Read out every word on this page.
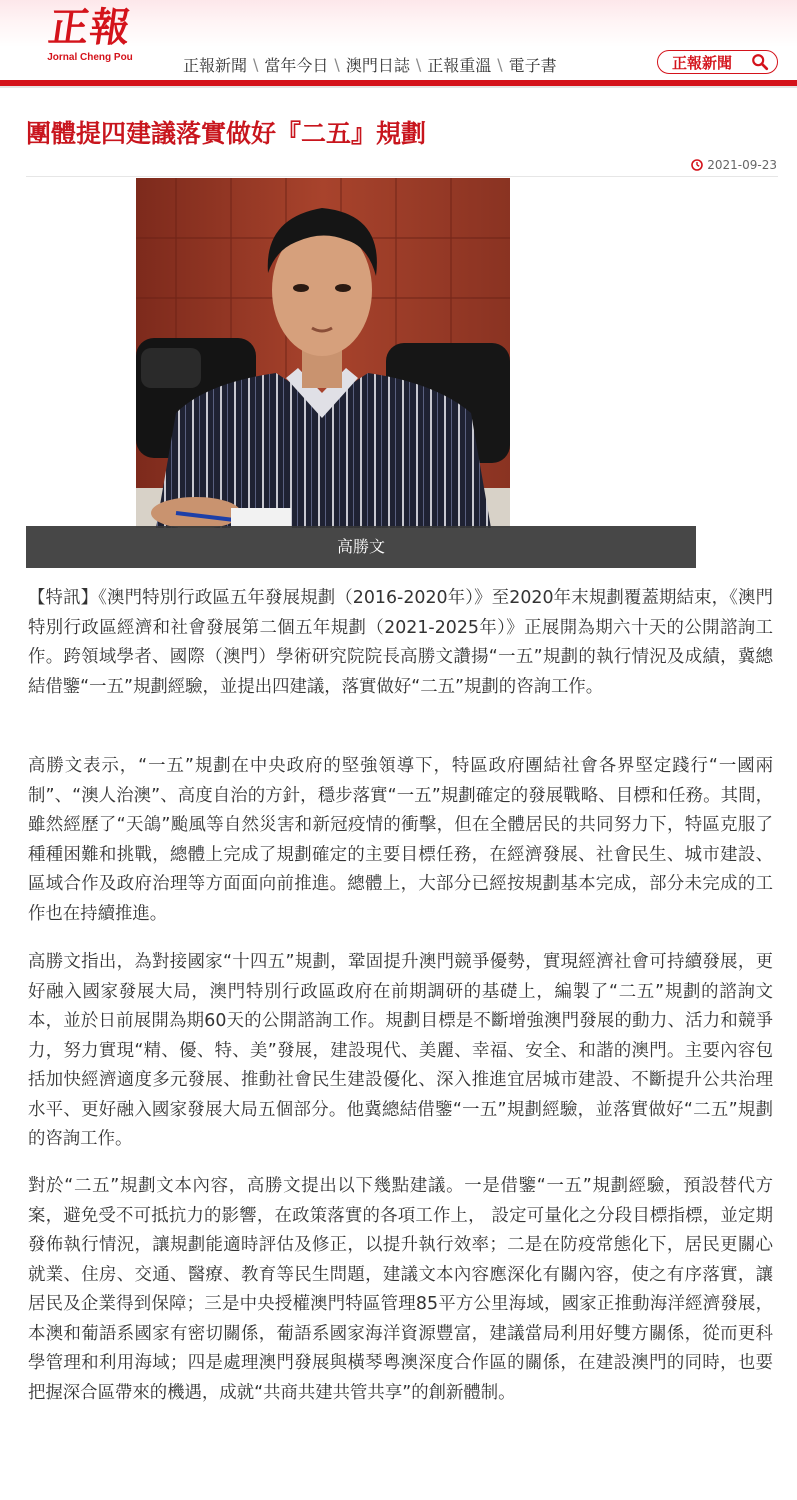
正報
Jornal Cheng Pou	正報新聞 \ 當年今日 \ 澳門日誌 \ 正報重溫 \ 電子書	正報新聞
團體提四建議落實做好『二五』規劃
2021-09-23
高勝文

【特訊】《澳門特別行政區五年發展規劃（2016-2020年）》至2020年末規劃覆蓋期結束，《澳門特別行政區經濟和社會發展第二個五年規劃（2021-2025年）》正展開為期六十天的公開諮詢工作。跨領域學者、國際（澳門）學術研究院院長高勝文讚揚“一五”規劃的執行情況及成績，冀總結借鑒“一五”規劃經驗，並提出四建議，落實做好“二五”規劃的咨詢工作。

高勝文表示，“一五”規劃在中央政府的堅強領導下，特區政府團結社會各界堅定踐行“一國兩制”、“澳人治澳”、高度自治的方針，穩步落實“一五”規劃確定的發展戰略、目標和任務。其間，雖然經歷了“天鴿”颱風等自然災害和新冠疫情的衝擊，但在全體居民的共同努力下，特區克服了種種困難和挑戰，總體上完成了規劃確定的主要目標任務，在經濟發展、社會民生、城市建設、區域合作及政府治理等方面面向前推進。總體上，大部分已經按規劃基本完成，部分未完成的工作也在持續推進。

高勝文指出，為對接國家“十四五”規劃，鞏固提升澳門競爭優勢，實現經濟社會可持續發展，更好融入國家發展大局，澳門特別行政區政府在前期調研的基礎上，編製了“二五”規劃的諮詢文本，並於日前展開為期60天的公開諮詢工作。規劃目標是不斷增強澳門發展的動力、活力和競爭力，努力實現“精、優、特、美”發展，建設現代、美麗、幸福、安全、和諧的澳門。主要內容包括加快經濟適度多元發展、推動社會民生建設優化、深入推進宜居城市建設、不斷提升公共治理水平、更好融入國家發展大局五個部分。他冀總結借鑒“一五”規劃經驗，並落實做好“二五”規劃的咨詢工作。

對於“二五”規劃文本內容，高勝文提出以下幾點建議。一是借鑒“一五”規劃經驗，預設替代方案，避免受不可抵抗力的影響，在政策落實的各項工作上， 設定可量化之分段目標指標，並定期發佈執行情況，讓規劃能適時評估及修正，以提升執行效率；二是在防疫常態化下，居民更關心就業、住房、交通、醫療、教育等民生問題，建議文本內容應深化有關內容，使之有序落實，讓居民及企業得到保障；三是中央授權澳門特區管理85平方公里海域，國家正推動海洋經濟發展，本澳和葡語系國家有密切關係，葡語系國家海洋資源豐富，建議當局利用好雙方關係，從而更科學管理和利用海域；四是處理澳門發展與橫琴粵澳深度合作區的關係，在建設澳門的同時，也要把握深合區帶來的機遇，成就“共商共建共管共享”的創新體制。
